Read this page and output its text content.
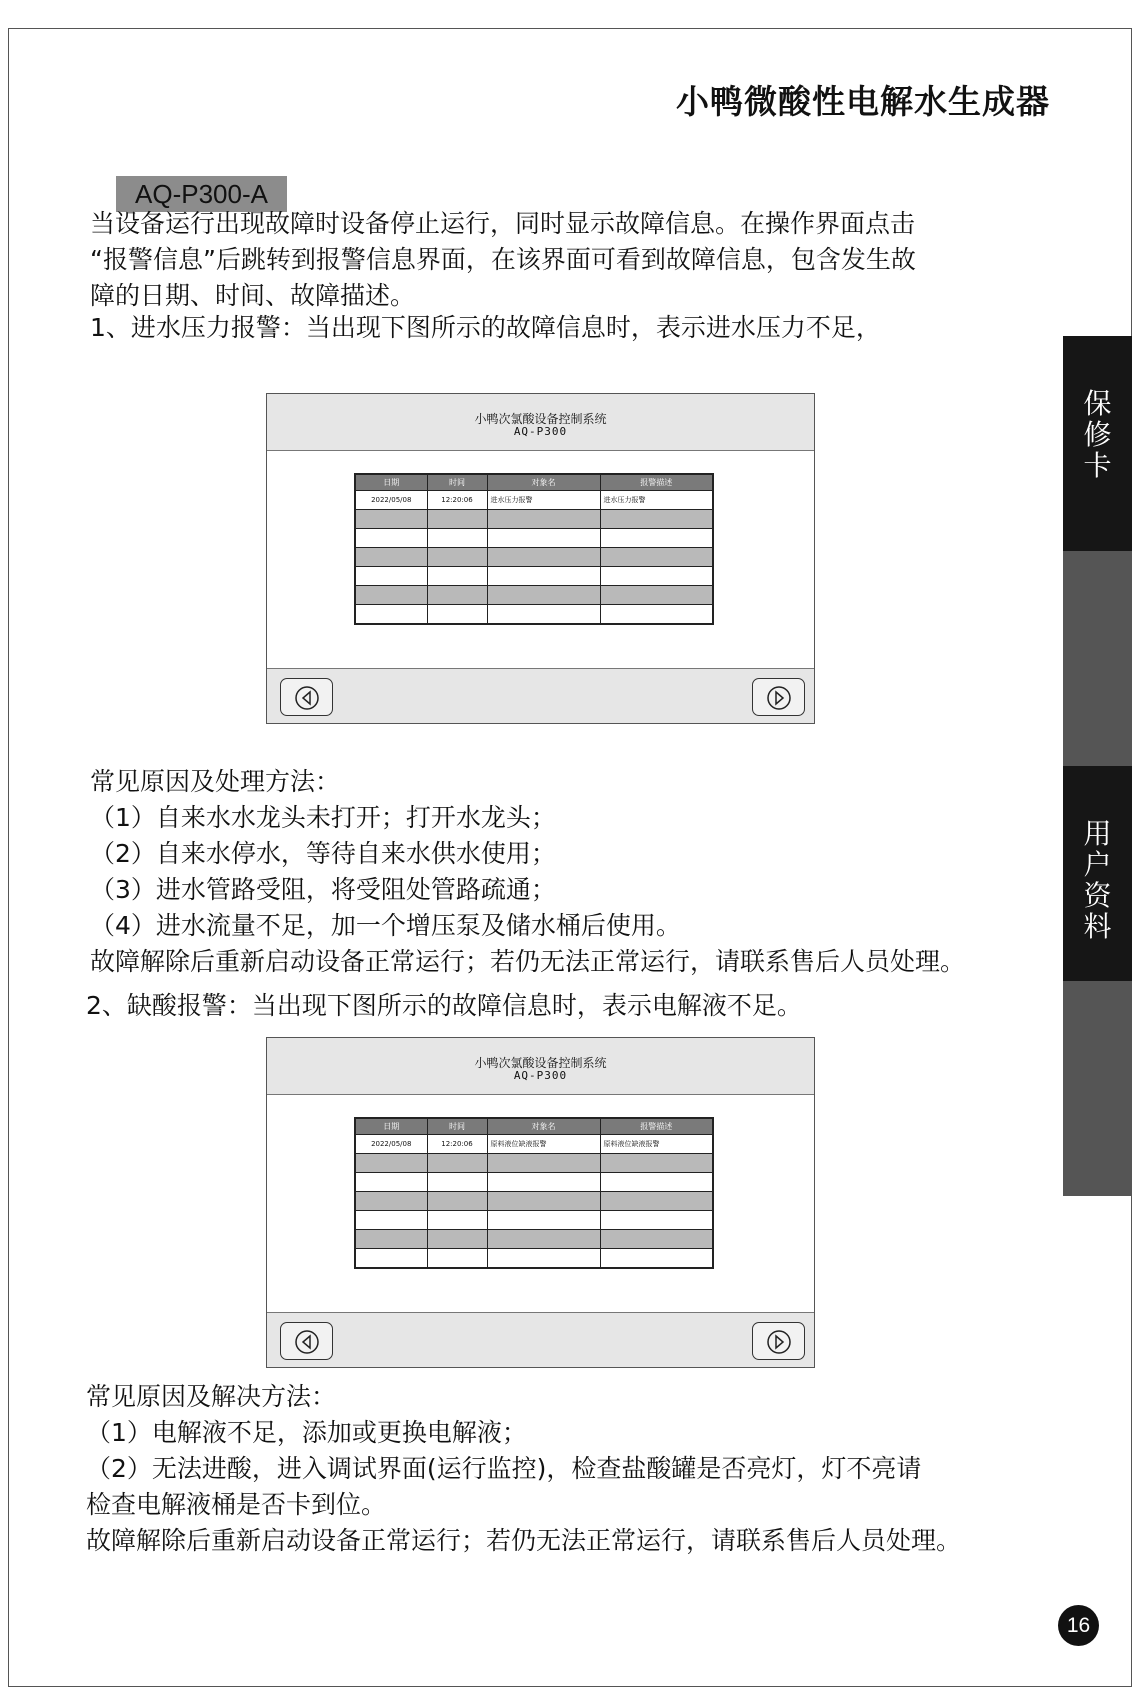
小鸭微酸性电解水生成器
AQ-P300-A
当设备运行出现故障时设备停止运行，同时显示故障信息。在操作界面点击
“报警信息”后跳转到报警信息界面，在该界面可看到故障信息，包含发生故
障的日期、时间、故障描述。
1、进水压力报警：当出现下图所示的故障信息时，表示进水压力不足，
小鸭次氯酸设备控制系统
AQ-P300
日期	时间	对象名	报警描述
2022/05/08	12:20:06	进水压力报警	进水压力报警

常见原因及处理方法：
（1）自来水水龙头未打开；打开水龙头；
（2）自来水停水，等待自来水供水使用；
（3）进水管路受阻，将受阻处管路疏通；
（4）进水流量不足，加一个增压泵及储水桶后使用。
故障解除后重新启动设备正常运行；若仍无法正常运行，请联系售后人员处理。
2、缺酸报警：当出现下图所示的故障信息时，表示电解液不足。
小鸭次氯酸设备控制系统
AQ-P300
日期	时间	对象名	报警描述
2022/05/08	12:20:06	原料液位缺液报警	原料液位缺液报警

常见原因及解决方法：
（1）电解液不足，添加或更换电解液；
（2）无法进酸，进入调试界面(运行监控)，检查盐酸罐是否亮灯，灯不亮请
检查电解液桶是否卡到位。
故障解除后重新启动设备正常运行；若仍无法正常运行，请联系售后人员处理。
保
修
卡
用
户
资
料
16
